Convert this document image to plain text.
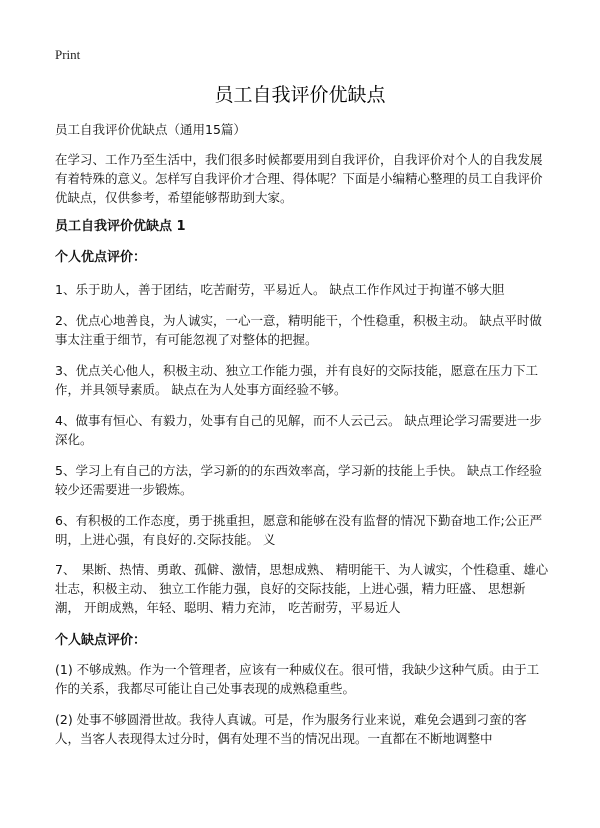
Print
员工自我评价优缺点

员工自我评价优缺点（通用15篇）

在学习、工作乃至生活中，我们很多时候都要用到自我评价，自我评价对个人的自我发展有着特殊的意义。怎样写自我评价才合理、得体呢？下面是小编精心整理的员工自我评价优缺点，仅供参考，希望能够帮助到大家。

员工自我评价优缺点 1

个人优点评价：

1、乐于助人，善于团结，吃苦耐劳，平易近人。 缺点工作作风过于拘谨不够大胆

2、优点心地善良，为人诚实，一心一意，精明能干，个性稳重，积极主动。 缺点平时做事太注重于细节，有可能忽视了对整体的把握。

3、优点关心他人，积极主动、独立工作能力强，并有良好的交际技能，愿意在压力下工作，并具领导素质。 缺点在为人处事方面经验不够。

4、做事有恒心、有毅力，处事有自己的见解，而不人云己云。 缺点理论学习需要进一步深化。

5、学习上有自己的方法，学习新的的东西效率高，学习新的技能上手快。 缺点工作经验较少还需要进一步锻炼。

6、有积极的工作态度，勇于挑重担，愿意和能够在没有监督的情况下勤奋地工作;公正严明，上进心强，有良好的.交际技能。 义

7、　果断、热情、勇敢、孤僻、激情，思想成熟、 精明能干、为人诚实，个性稳重、雄心壮志，积极主动、 独立工作能力强，良好的交际技能，上进心强，精力旺盛、 思想新潮， 开朗成熟，年轻、聪明、精力充沛， 吃苦耐劳，平易近人

个人缺点评价：

(1) 不够成熟。作为一个管理者，应该有一种威仪在。很可惜，我缺少这种气质。由于工作的关系，我都尽可能让自己处事表现的成熟稳重些。

(2) 处事不够圆滑世故。我待人真诚。可是，作为服务行业来说，难免会遇到刁蛮的客人，当客人表现得太过分时，偶有处理不当的情况出现。一直都在不断地调整中
